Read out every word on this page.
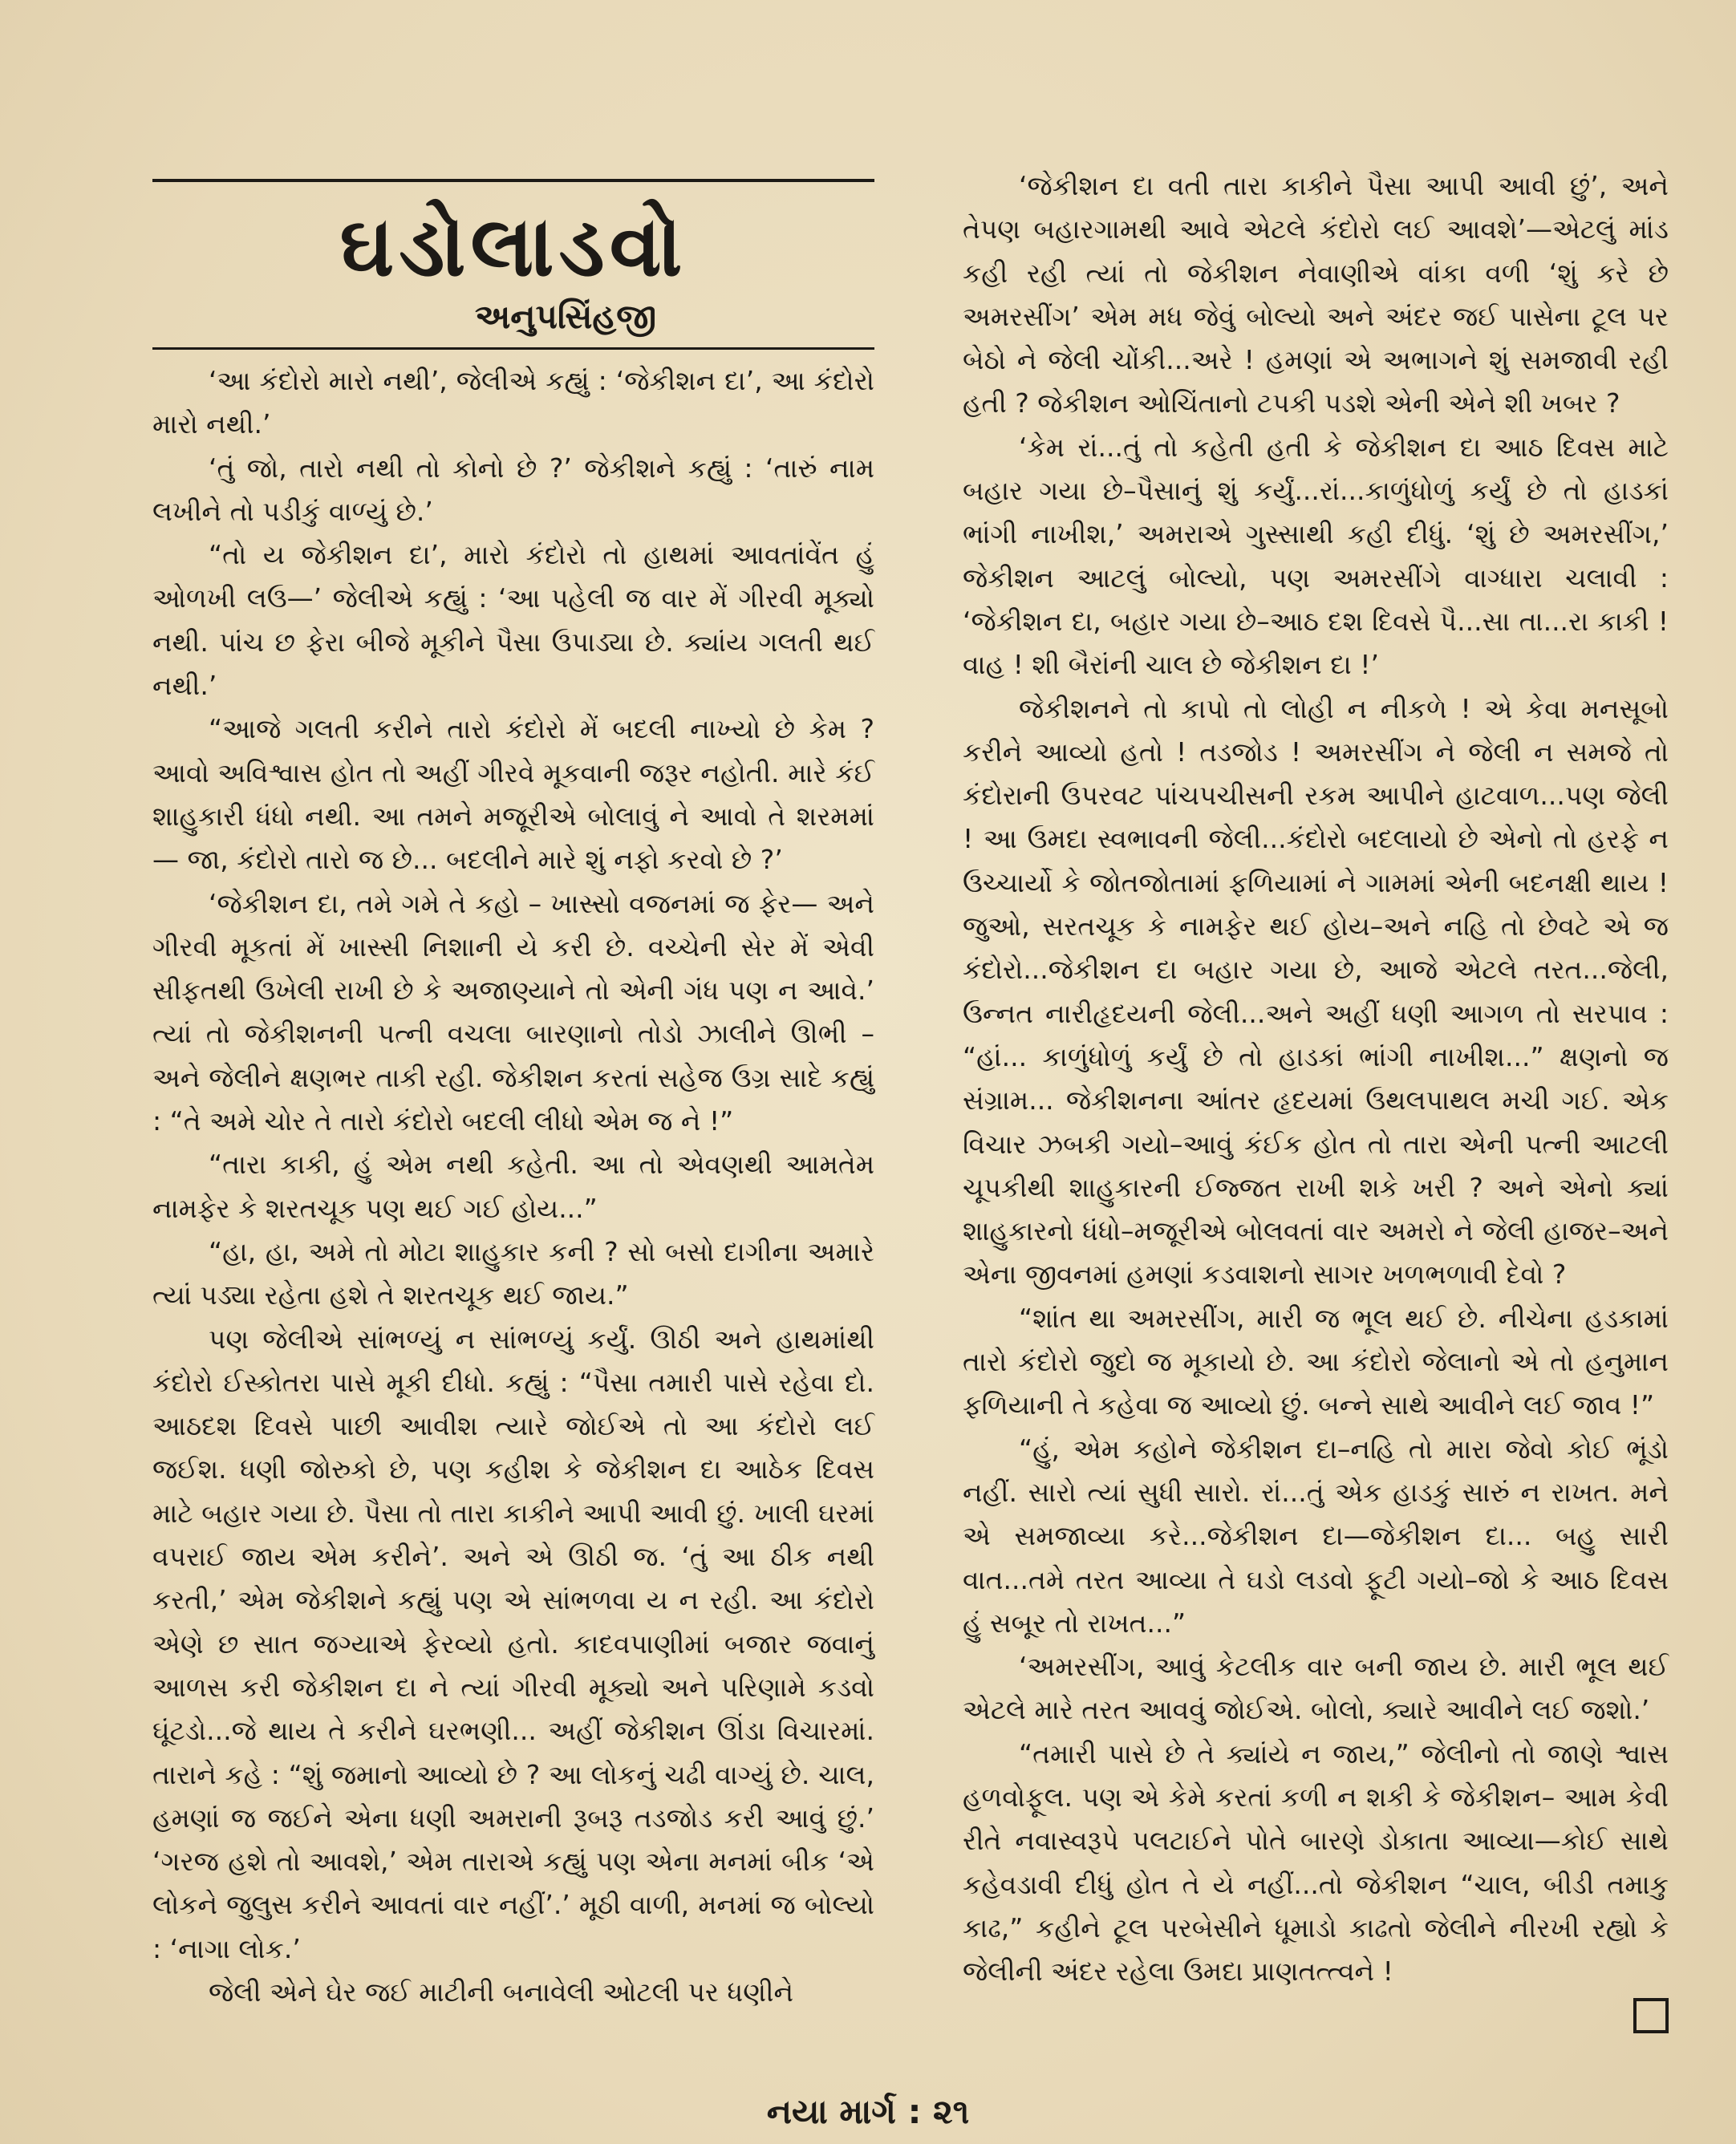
ઘડોલાડવો
અનુપસિંહજી

‘આ કંદોરો મારો નથી’, જેલીએ કહ્યું : ‘જેકીશન દા’, આ કંદોરો મારો નથી.’

‘તું જો, તારો નથી તો કોનો છે ?’ જેકીશને કહ્યું : ‘તારું નામ લખીને તો પડીકું વાળ્યું છે.’

“તો ય જેકીશન દા’, મારો કંદોરો તો હાથમાં આવતાંવેંત હું ઓળખી લઉ—’ જેલીએ કહ્યું : ‘આ પહેલી જ વાર મેં ગીરવી મૂક્યો નથી. પાંચ છ ફેરા બીજે મૂકીને પૈસા ઉપાડ્યા છે. ક્યાંય ગલતી થઈ નથી.’

“આજે ગલતી કરીને તારો કંદોરો મેં બદલી નાખ્યો છે કેમ ? આવો અવિશ્વાસ હોત તો અહીં ગીરવે મૂકવાની જરૂર નહોતી. મારે કંઈ શાહુકારી ધંધો નથી. આ તમને મજૂરીએ બોલાવું ને આવો તે શરમમાં — જા, કંદોરો તારો જ છે... બદલીને મારે શું નફો કરવો છે ?’

‘જેકીશન દા, તમે ગમે તે કહો – ખાસ્સો વજનમાં જ ફેર— અને ગીરવી મૂકતાં મેં ખાસ્સી નિશાની યે કરી છે. વચ્ચેની સેર મેં એવી સીફતથી ઉખેલી રાખી છે કે અજાણ્યાને તો એની ગંધ પણ ન આવે.’ ત્યાં તો જેકીશનની પત્ની વચલા બારણાનો તોડો ઝાલીને ઊભી – અને જેલીને ક્ષણભર તાકી રહી. જેકીશન કરતાં સહેજ ઉગ્ર સાદે કહ્યું : “તે અમે ચોર તે તારો કંદોરો બદલી લીધો એમ જ ને !”

“તારા કાકી, હું એમ નથી કહેતી. આ તો એવણથી આમતેમ નામફેર કે શરતચૂક પણ થઈ ગઈ હોય...”

“હા, હા, અમે તો મોટા શાહુકાર કની ? સો બસો દાગીના અમારે ત્યાં પડ્યા રહેતા હશે તે શરતચૂક થઈ જાય.”

પણ જેલીએ સાંભળ્યું ન સાંભળ્યું કર્યું. ઊઠી અને હાથમાંથી કંદોરો ઈસ્કોતરા પાસે મૂકી દીધો. કહ્યું : “પૈસા તમારી પાસે રહેવા દો. આઠદશ દિવસે પાછી આવીશ ત્યારે જોઈએ તો આ કંદોરો લઈ જઈશ. ધણી જોરુકો છે, પણ કહીશ કે જેકીશન દા આઠેક દિવસ માટે બહાર ગયા છે. પૈસા તો તારા કાકીને આપી આવી છું. ખાલી ઘરમાં વપરાઈ જાય એમ કરીને’. અને એ ઊઠી જ. ‘તું આ ઠીક નથી કરતી,’ એમ જેકીશને કહ્યું પણ એ સાંભળવા ય ન રહી. આ કંદોરો એણે છ સાત જગ્યાએ ફેરવ્યો હતો. કાદવપાણીમાં બજાર જવાનું આળસ કરી જેકીશન દા ને ત્યાં ગીરવી મૂક્યો અને પરિણામે કડવો ઘૂંટડો...જે થાય તે કરીને ઘરભણી... અહીં જેકીશન ઊંડા વિચારમાં. તારાને કહે : “શું જમાનો આવ્યો છે ? આ લોકનું ચઢી વાગ્યું છે. ચાલ, હમણાં જ જઈને એના ધણી અમરાની રૂબરૂ તડજોડ કરી આવું છું.’ ‘ગરજ હશે તો આવશે,’ એમ તારાએ કહ્યું પણ એના મનમાં બીક ‘એ લોકને જુલુસ કરીને આવતાં વાર નહીં’.’ મૂઠી વાળી, મનમાં જ બોલ્યો : ‘નાગા લોક.’

જેલી એને ઘેર જઈ માટીની બનાવેલી ઓટલી પર ધણીને

‘જેકીશન દા વતી તારા કાકીને પૈસા આપી આવી છું’, અને તેપણ બહારગામથી આવે એટલે કંદોરો લઈ આવશે’—એટલું માંડ કહી રહી ત્યાં તો જેકીશન નેવાણીએ વાંકા વળી ‘શું કરે છે અમરસીંગ’ એમ મધ જેવું બોલ્યો અને અંદર જઈ પાસેના ટૂલ પર બેઠો ને જેલી ચોંકી...અરે ! હમણાં એ અભાગને શું સમજાવી રહી હતી ? જેકીશન ઓચિંતાનો ટપકી પડશે એની એને શી ખબર ?

‘કેમ રાં...તું તો કહેતી હતી કે જેકીશન દા આઠ દિવસ માટે બહાર ગયા છે–પૈસાનું શું કર્યું...રાં...કાળુંધોળું કર્યું છે તો હાડકાં ભાંગી નાખીશ,’ અમરાએ ગુસ્સાથી કહી દીધું. ‘શું છે અમરસીંગ,’ જેકીશન આટલું બોલ્યો, પણ અમરસીંગે વાગ્ધારા ચલાવી : ‘જેકીશન દા, બહાર ગયા છે–આઠ દશ દિવસે પૈ...સા તા...રા કાકી ! વાહ ! શી બૈરાંની ચાલ છે જેકીશન દા !’

જેકીશનને તો કાપો તો લોહી ન નીકળે ! એ કેવા મનસૂબો કરીને આવ્યો હતો ! તડજોડ ! અમરસીંગ ને જેલી ન સમજે તો કંદોરાની ઉપરવટ પાંચપચીસની રકમ આપીને હાટવાળ...પણ જેલી ! આ ઉમદા સ્વભાવની જેલી...કંદોરો બદલાયો છે એનો તો હરફે ન ઉચ્ચાર્યો કે જોતજોતામાં ફળિયામાં ને ગામમાં એની બદનક્ષી થાય ! જુઓ, સરતચૂક કે નામફેર થઈ હોય–અને નહિ તો છેવટે એ જ કંદોરો...જેકીશન દા બહાર ગયા છે, આજે એટલે તરત...જેલી, ઉન્નત નારીહૃદયની જેલી...અને અહીં ધણી આગળ તો સરપાવ : “હાં... કાળુંધોળું કર્યું છે તો હાડકાં ભાંગી નાખીશ...” ક્ષણનો જ સંગ્રામ... જેકીશનના આંતર હૃદયમાં ઉથલપાથલ મચી ગઈ. એક વિચાર ઝબકી ગયો–આવું કંઈક હોત તો તારા એની પત્ની આટલી ચૂપકીથી શાહુકારની ઈજ્જત રાખી શકે ખરી ? અને એનો ક્યાં શાહુકારનો ધંધો–મજૂરીએ બોલવતાં વાર અમરો ને જેલી હાજર–અને એના જીવનમાં હમણાં કડવાશનો સાગર ખળભળાવી દેવો ?

“શાંત થા અમરસીંગ, મારી જ ભૂલ થઈ છે. નીચેના હડકામાં તારો કંદોરો જુદો જ મૂકાયો છે. આ કંદોરો જેલાનો એ તો હનુમાન ફળિયાની તે કહેવા જ આવ્યો છું. બન્ને સાથે આવીને લઈ જાવ !”

“હું, એમ કહોને જેકીશન દા–નહિ તો મારા જેવો કોઈ ભૂંડો નહીં. સારો ત્યાં સુધી સારો. રાં...તું એક હાડકું સારું ન રાખત. મને એ સમજાવ્યા કરે...જેકીશન દા—જેકીશન દા... બહુ સારી વાત...તમે તરત આવ્યા તે ઘડો લડવો ફૂટી ગયો–જો કે આઠ દિવસ હું સબૂર તો રાખત...”

‘અમરસીંગ, આવું કેટલીક વાર બની જાય છે. મારી ભૂલ થઈ એટલે મારે તરત આવવું જોઈએ. બોલો, ક્યારે આવીને લઈ જશો.’

“તમારી પાસે છે તે ક્યાંયે ન જાય,” જેલીનો તો જાણે શ્વાસ હળવોફૂલ. પણ એ કેમે કરતાં કળી ન શકી કે જેકીશન– આમ કેવી રીતે નવાસ્વરૂપે પલટાઈને પોતે બારણે ડોકાતા આવ્યા—કોઈ સાથે કહેવડાવી દીધું હોત તે યે નહીં...તો જેકીશન “ચાલ, બીડી તમાકુ કાઢ,” કહીને ટૂલ પરબેસીને ધૂમાડો કાઢતો જેલીને નીરખી રહ્યો કે જેલીની અંદર રહેલા ઉમદા પ્રાણતત્ત્વને !

નયા માર્ગ : ૨૧
